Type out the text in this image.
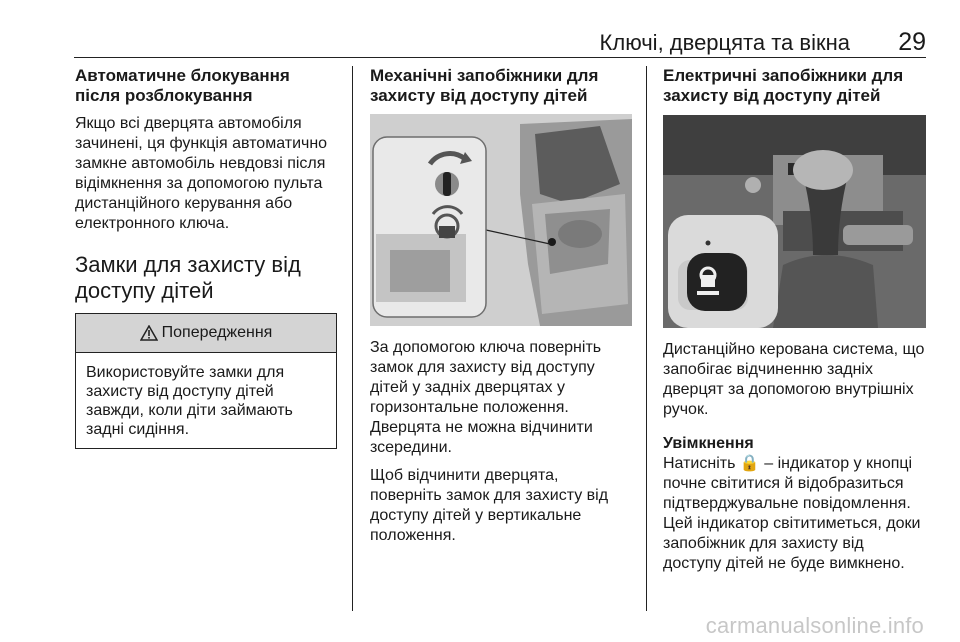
Ключі, дверцята та вікна 29
Автоматичне блокування після розблокування
Якщо всі дверцята автомобіля зачинені, ця функція автоматично замкне автомобіль невдовзі після відімкнення за допомогою пульта дистанційного керування або електронного ключа.
Замки для захисту від доступу дітей
Попередження
Використовуйте замки для захисту від доступу дітей завжди, коли діти займають задні сидіння.
Механічні запобіжники для захисту від доступу дітей
За допомогою ключа поверніть замок для захисту від доступу дітей у задніх дверцятах у горизонтальне положення. Дверцята не можна відчинити зсередини.
Щоб відчинити дверцята, поверніть замок для захисту від доступу дітей у вертикальне положення.
Електричні запобіжники для захисту від доступу дітей
Дистанційно керована система, що запобігає відчиненню задніх дверцят за допомогою внутрішніх ручок.
Увімкнення
Натисніть 🔒 – індикатор у кнопці почне світитися й відобразиться підтверджувальне повідомлення. Цей індикатор світитиметься, доки запобіжник для захисту від доступу дітей не буде вимкнено.
carmanualsonline.info
